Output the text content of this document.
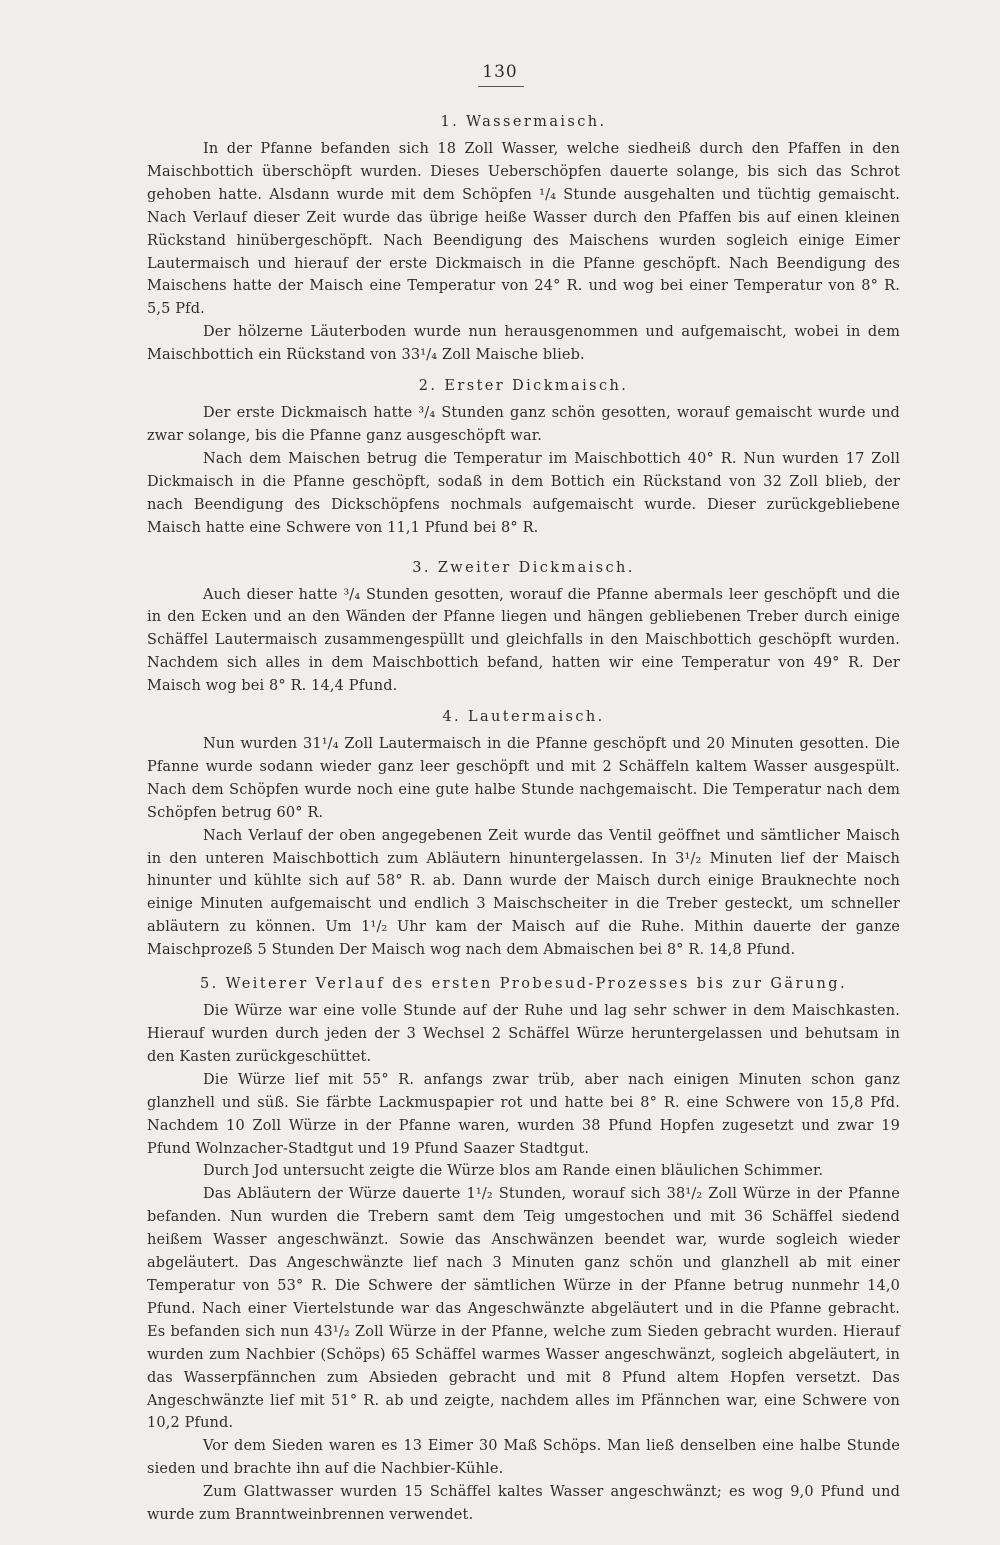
130
1. Wassermaisch.

In der Pfanne befanden sich 18 Zoll Wasser, welche siedheiß durch den Pfaffen in den Maischbottich überschöpft wurden. Dieses Ueberschöpfen dauerte solange, bis sich das Schrot gehoben hatte. Alsdann wurde mit dem Schöpfen ¹/₄ Stunde ausgehalten und tüchtig gemaischt. Nach Verlauf dieser Zeit wurde das übrige heiße Wasser durch den Pfaffen bis auf einen kleinen Rückstand hinübergeschöpft. Nach Beendigung des Maischens wurden sogleich einige Eimer Lautermaisch und hierauf der erste Dickmaisch in die Pfanne geschöpft. Nach Beendigung des Maischens hatte der Maisch eine Temperatur von 24° R. und wog bei einer Temperatur von 8° R. 5,5 Pfd.

Der hölzerne Läuterboden wurde nun herausgenommen und aufgemaischt, wobei in dem Maischbottich ein Rückstand von 33¹/₄ Zoll Maische blieb.

2. Erster Dickmaisch.

Der erste Dickmaisch hatte ³/₄ Stunden ganz schön gesotten, worauf gemaischt wurde und zwar solange, bis die Pfanne ganz ausgeschöpft war.

Nach dem Maischen betrug die Temperatur im Maischbottich 40° R. Nun wurden 17 Zoll Dickmaisch in die Pfanne geschöpft, sodaß in dem Bottich ein Rückstand von 32 Zoll blieb, der nach Beendigung des Dickschöpfens nochmals aufgemaischt wurde. Dieser zurückgebliebene Maisch hatte eine Schwere von 11,1 Pfund bei 8° R.

3. Zweiter Dickmaisch.

Auch dieser hatte ³/₄ Stunden gesotten, worauf die Pfanne abermals leer geschöpft und die in den Ecken und an den Wänden der Pfanne liegen und hängen gebliebenen Treber durch einige Schäffel Lautermaisch zusammengespüllt und gleichfalls in den Maischbottich geschöpft wurden. Nachdem sich alles in dem Maischbottich befand, hatten wir eine Temperatur von 49° R. Der Maisch wog bei 8° R. 14,4 Pfund.

4. Lautermaisch.

Nun wurden 31¹/₄ Zoll Lautermaisch in die Pfanne geschöpft und 20 Minuten gesotten. Die Pfanne wurde sodann wieder ganz leer geschöpft und mit 2 Schäffeln kaltem Wasser ausgespült. Nach dem Schöpfen wurde noch eine gute halbe Stunde nachgemaischt. Die Temperatur nach dem Schöpfen betrug 60° R.

Nach Verlauf der oben angegebenen Zeit wurde das Ventil geöffnet und sämtlicher Maisch in den unteren Maischbottich zum Abläutern hinuntergelassen. In 3¹/₂ Minuten lief der Maisch hinunter und kühlte sich auf 58° R. ab. Dann wurde der Maisch durch einige Brauknechte noch einige Minuten aufgemaischt und endlich 3 Maischscheiter in die Treber gesteckt, um schneller abläutern zu können. Um 1¹/₂ Uhr kam der Maisch auf die Ruhe. Mithin dauerte der ganze Maischprozeß 5 Stunden Der Maisch wog nach dem Abmaischen bei 8° R. 14,8 Pfund.

5. Weiterer Verlauf des ersten Probesud-Prozesses bis zur Gärung.

Die Würze war eine volle Stunde auf der Ruhe und lag sehr schwer in dem Maischkasten. Hierauf wurden durch jeden der 3 Wechsel 2 Schäffel Würze heruntergelassen und behutsam in den Kasten zurückgeschüttet.

Die Würze lief mit 55° R. anfangs zwar trüb, aber nach einigen Minuten schon ganz glanzhell und süß. Sie färbte Lackmuspapier rot und hatte bei 8° R. eine Schwere von 15,8 Pfd. Nachdem 10 Zoll Würze in der Pfanne waren, wurden 38 Pfund Hopfen zugesetzt und zwar 19 Pfund Wolnzacher-Stadtgut und 19 Pfund Saazer Stadtgut.

Durch Jod untersucht zeigte die Würze blos am Rande einen bläulichen Schimmer.

Das Abläutern der Würze dauerte 1¹/₂ Stunden, worauf sich 38¹/₂ Zoll Würze in der Pfanne befanden. Nun wurden die Trebern samt dem Teig umgestochen und mit 36 Schäffel siedend heißem Wasser angeschwänzt. Sowie das Anschwänzen beendet war, wurde sogleich wieder abgeläutert. Das Angeschwänzte lief nach 3 Minuten ganz schön und glanzhell ab mit einer Temperatur von 53° R. Die Schwere der sämtlichen Würze in der Pfanne betrug nunmehr 14,0 Pfund. Nach einer Viertelstunde war das Angeschwänzte abgeläutert und in die Pfanne gebracht. Es befanden sich nun 43¹/₂ Zoll Würze in der Pfanne, welche zum Sieden gebracht wurden. Hierauf wurden zum Nachbier (Schöps) 65 Schäffel warmes Wasser angeschwänzt, sogleich abgeläutert, in das Wasserpfännchen zum Absieden gebracht und mit 8 Pfund altem Hopfen versetzt. Das Angeschwänzte lief mit 51° R. ab und zeigte, nachdem alles im Pfännchen war, eine Schwere von 10,2 Pfund.

Vor dem Sieden waren es 13 Eimer 30 Maß Schöps. Man ließ denselben eine halbe Stunde sieden und brachte ihn auf die Nachbier-Kühle.

Zum Glattwasser wurden 15 Schäffel kaltes Wasser angeschwänzt; es wog 9,0 Pfund und wurde zum Branntweinbrennen verwendet.
